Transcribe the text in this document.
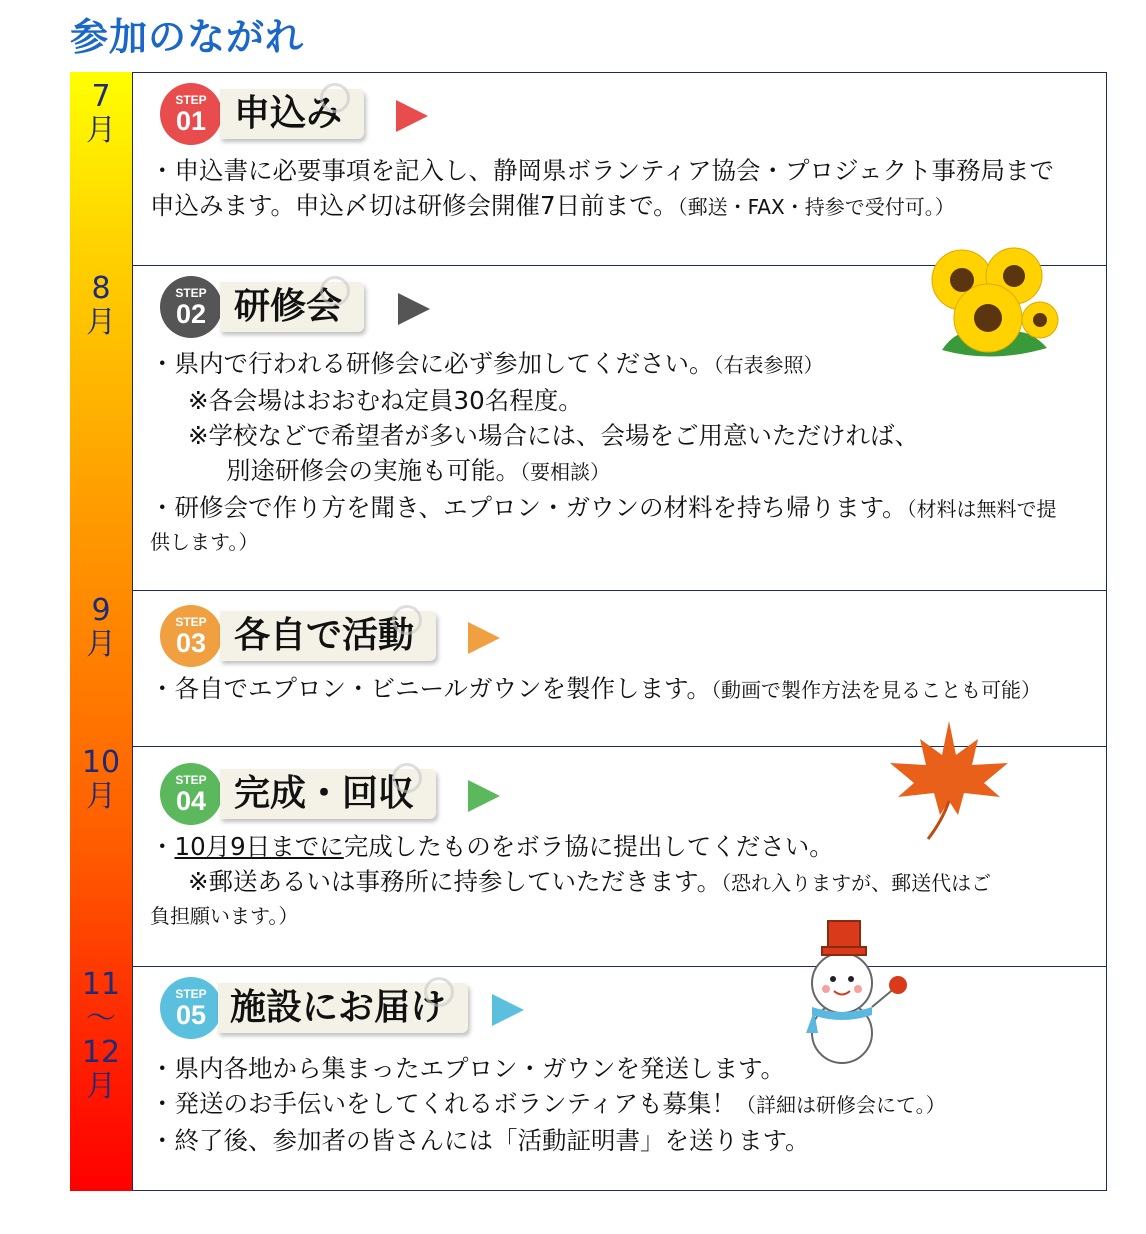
参加のながれ
7
月
8
月
9
月
10
月
11
〜
12
月
STEP
01 申込み

・申込書に必要事項を記入し、静岡県ボランティア協会・プロジェクト事務局まで

申込みます。申込〆切は研修会開催7日前まで。（郵送・FAX・持参で受付可。）

STEP
02 研修会

・県内で行われる研修会に必ず参加してください。（右表参照）

※各会場はおおむね定員30名程度。

※学校などで希望者が多い場合には、会場をご用意いただければ、

別途研修会の実施も可能。（要相談）

・研修会で作り方を聞き、エプロン・ガウンの材料を持ち帰ります。（材料は無料で提

供します。）

STEP
03 各自で活動

・各自でエプロン・ビニールガウンを製作します。（動画で製作方法を見ることも可能）

STEP
04 完成・回収

・10月9日までに完成したものをボラ協に提出してください。

※郵送あるいは事務所に持参していただきます。（恐れ入りますが、郵送代はご

負担願います。）

STEP
05 施設にお届け

・県内各地から集まったエプロン・ガウンを発送します。

・発送のお手伝いをしてくれるボランティアも募集！（詳細は研修会にて。）

・終了後、参加者の皆さんには「活動証明書」を送ります。
